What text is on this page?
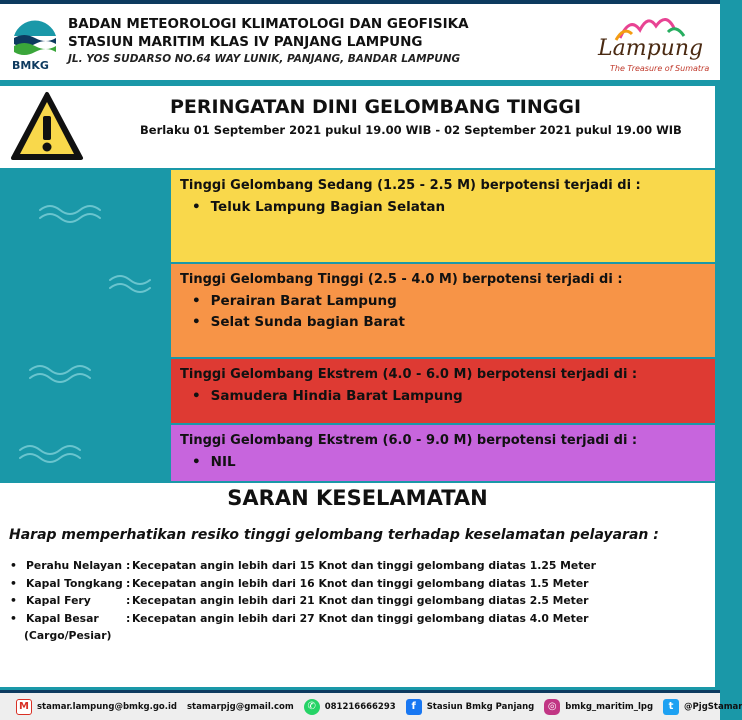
BMKG
BADAN METEOROLOGI KLIMATOLOGI DAN GEOFISIKA
STASIUN MARITIM KLAS IV PANJANG LAMPUNG
JL. YOS SUDARSO NO.64 WAY LUNIK, PANJANG, BANDAR LAMPUNG	Lampung
The Treasure of Sumatra
PERINGATAN DINI GELOMBANG TINGGI
Berlaku 01 September 2021 pukul 19.00 WIB - 02 September 2021 pukul 19.00 WIB
Tinggi Gelombang Sedang (1.25 - 2.5 M) berpotensi terjadi di :
• Teluk Lampung Bagian Selatan
Tinggi Gelombang Tinggi (2.5 - 4.0 M) berpotensi terjadi di :
• Perairan Barat Lampung
• Selat Sunda bagian Barat
Tinggi Gelombang Ekstrem (4.0 - 6.0 M) berpotensi terjadi di :
• Samudera Hindia Barat Lampung
Tinggi Gelombang Ekstrem (6.0 - 9.0 M) berpotensi terjadi di :
• NIL
SARAN KESELAMATAN
Harap memperhatikan resiko tinggi gelombang terhadap keselamatan pelayaran :
• Perahu Nelayan : Kecepatan angin lebih dari 15 Knot dan tinggi gelombang diatas 1.25 Meter
• Kapal Tongkang : Kecepatan angin lebih dari 16 Knot dan tinggi gelombang diatas 1.5 Meter
• Kapal Fery	: Kecepatan angin lebih dari 21 Knot dan tinggi gelombang diatas 2.5 Meter
• Kapal Besar	: Kecepatan angin lebih dari 27 Knot dan tinggi gelombang diatas 4.0 Meter
(Cargo/Pesiar)
M stamar.lampung@bmkg.go.id stamarpjg@gmail.com	✆	081216666293	f	Stasiun Bmkg Panjang	◎	bmkg_maritim_lpg	t	@PjgStamar
